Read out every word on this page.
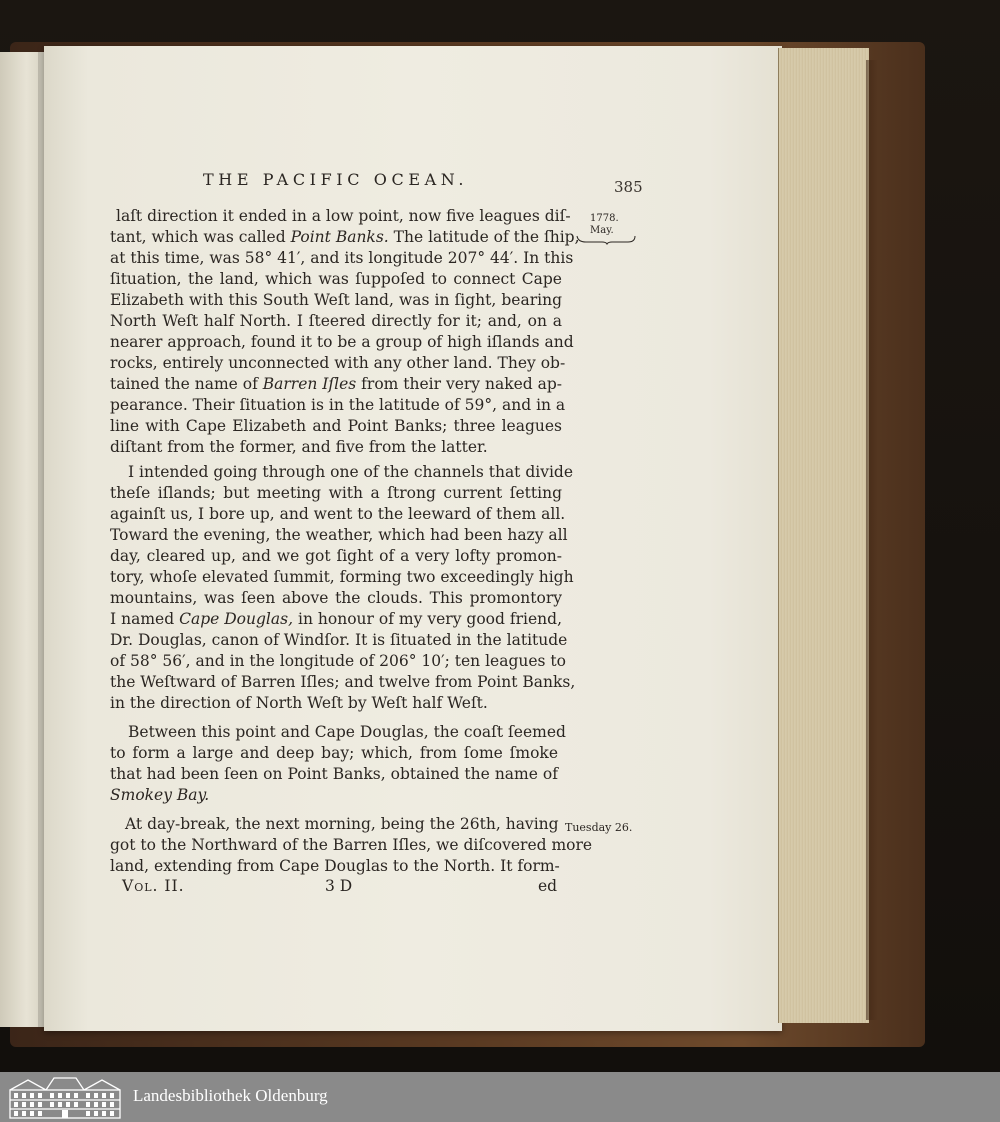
THE PACIFIC OCEAN.	385
1778.
May.
Tuesday 26.
laſt direction it ended in a low point, now five leagues diſ-
tant, which was called Point Banks. The latitude of the ſhip,
at this time, was 58° 41′, and its longitude 207° 44′. In this
ſituation, the land, which was ſuppoſed to connect Cape
Elizabeth with this South Weſt land, was in ſight, bearing
North Weſt half North. I ſteered directly for it; and, on a
nearer approach, found it to be a group of high iſlands and
rocks, entirely unconnected with any other land. They ob-
tained the name of Barren Iſles from their very naked ap-
pearance. Their ſituation is in the latitude of 59°, and in a
line with Cape Elizabeth and Point Banks; three leagues
diſtant from the former, and five from the latter.
I intended going through one of the channels that divide
theſe iſlands; but meeting with a ſtrong current ſetting
againſt us, I bore up, and went to the leeward of them all.
Toward the evening, the weather, which had been hazy all
day, cleared up, and we got ſight of a very lofty promon-
tory, whoſe elevated ſummit, forming two exceedingly high
mountains, was ſeen above the clouds. This promontory
I named Cape Douglas, in honour of my very good friend,
Dr. Douglas, canon of Windſor. It is ſituated in the latitude
of 58° 56′, and in the longitude of 206° 10′; ten leagues to
the Weſtward of Barren Iſles; and twelve from Point Banks,
in the direction of North Weſt by Weſt half Weſt.
Between this point and Cape Douglas, the coaſt ſeemed
to form a large and deep bay; which, from ſome ſmoke
that had been ſeen on Point Banks, obtained the name of
Smokey Bay.
At day-break, the next morning, being the 26th, having
got to the Northward of the Barren Iſles, we diſcovered more
land, extending from Cape Douglas to the North. It form-
Vol. II.	3 D	ed
Landesbibliothek Oldenburg
